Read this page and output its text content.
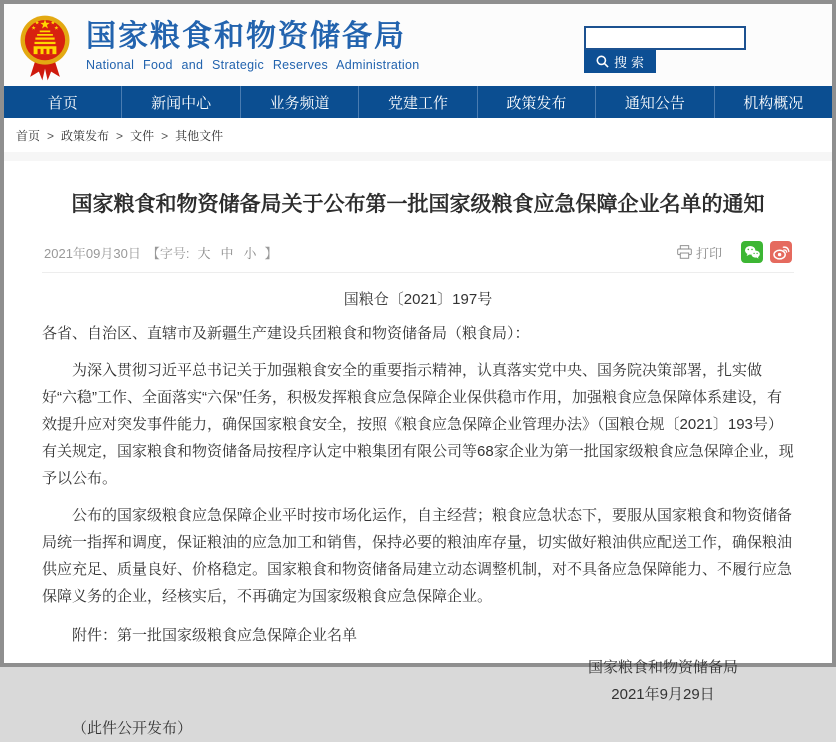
国家粮食和物资储备局
National Food and Strategic Reserves Administration	搜索
首页	新闻中心	业务频道	党建工作	政策发布	通知公告	机构概况
首页 > 政策发布 > 文件 > 其他文件
国家粮食和物资储备局关于公布第一批国家级粮食应急保障企业名单的通知
2021年09月30日 【字号: 大 中 小 】	打印
国粮仓〔2021〕197号
各省、自治区、直辖市及新疆生产建设兵团粮食和物资储备局（粮食局）：
为深入贯彻习近平总书记关于加强粮食安全的重要指示精神，认真落实党中央、国务院决策部署，扎实做好“六稳”工作、全面落实“六保”任务，积极发挥粮食应急保障企业保供稳市作用，加强粮食应急保障体系建设，有效提升应对突发事件能力，确保国家粮食安全，按照《粮食应急保障企业管理办法》（国粮仓规〔2021〕193号）有关规定，国家粮食和物资储备局按程序认定中粮集团有限公司等68家企业为第一批国家级粮食应急保障企业，现予以公布。
公布的国家级粮食应急保障企业平时按市场化运作，自主经营；粮食应急状态下，要服从国家粮食和物资储备局统一指挥和调度，保证粮油的应急加工和销售，保持必要的粮油库存量，切实做好粮油供应配送工作，确保粮油供应充足、质量良好、价格稳定。国家粮食和物资储备局建立动态调整机制，对不具备应急保障能力、不履行应急保障义务的企业，经核实后，不再确定为国家级粮食应急保障企业。
附件：第一批国家级粮食应急保障企业名单
国家粮食和物资储备局
2021年9月29日
（此件公开发布）
